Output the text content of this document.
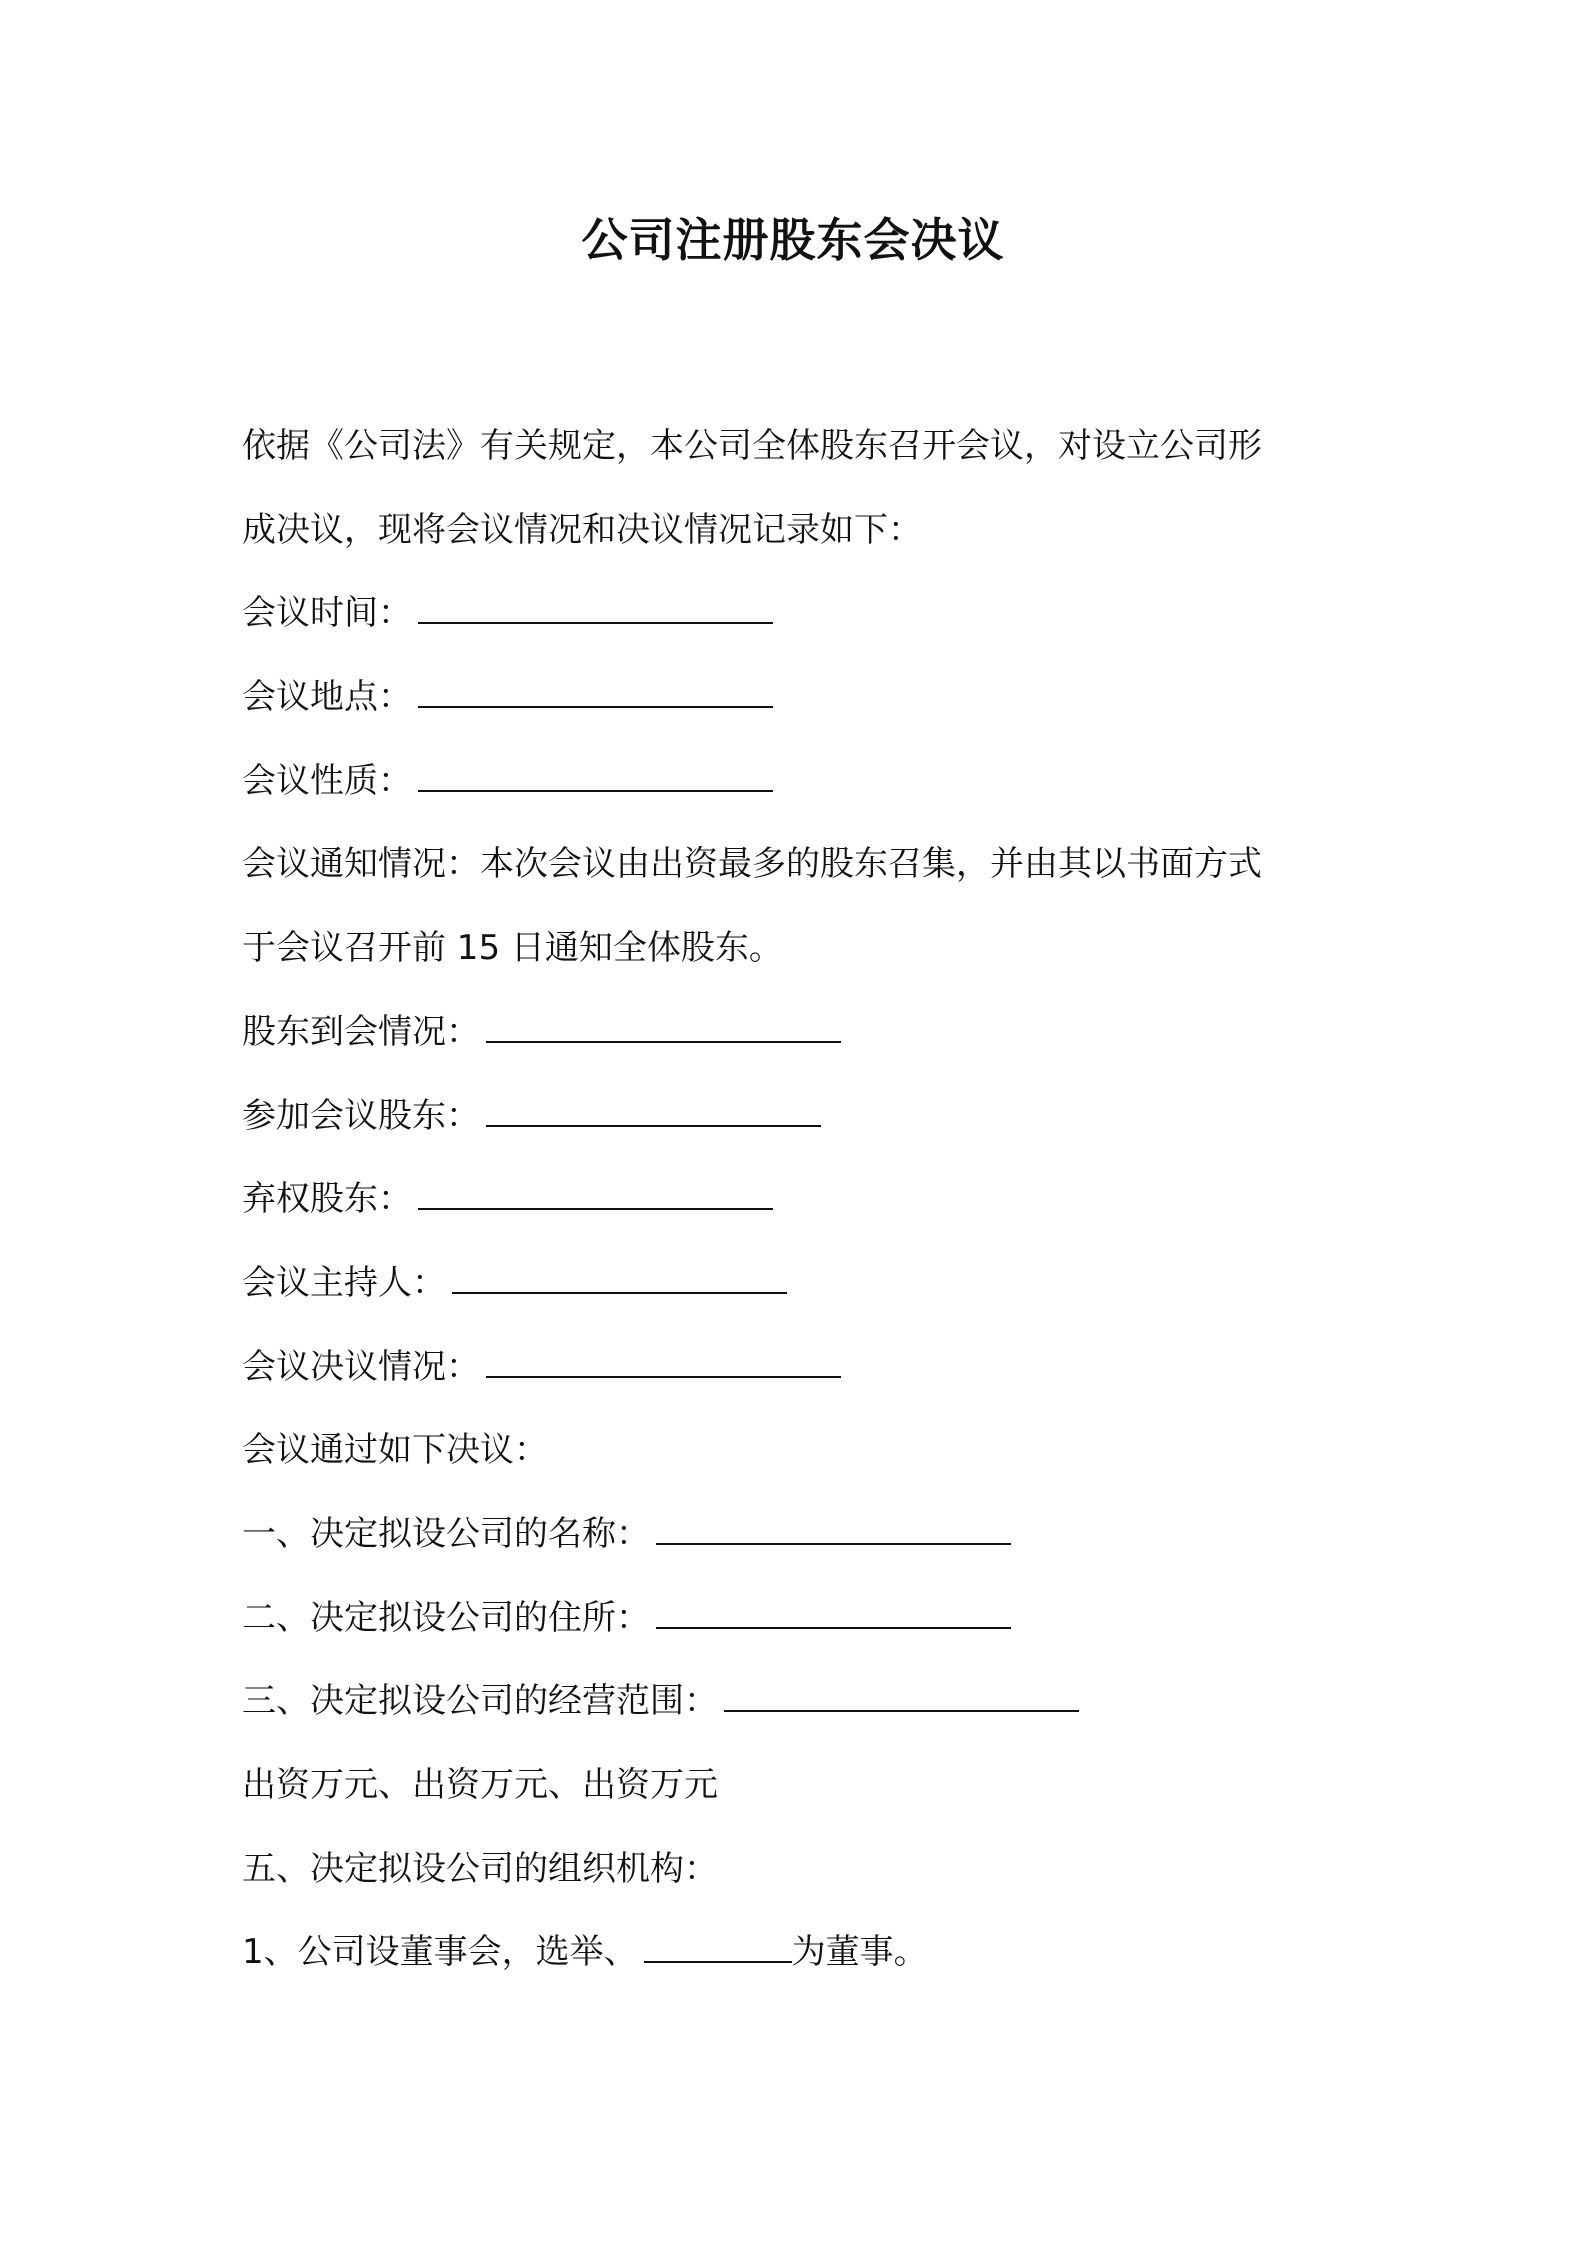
公司注册股东会决议
依据《公司法》有关规定，本公司全体股东召开会议，对设立公司形
成决议，现将会议情况和决议情况记录如下：
会议时间：
会议地点：
会议性质：
会议通知情况：本次会议由出资最多的股东召集，并由其以书面方式
于会议召开前 15 日通知全体股东。
股东到会情况：
参加会议股东：
弃权股东：
会议主持人：
会议决议情况：
会议通过如下决议：
一、决定拟设公司的名称：
二、决定拟设公司的住所：
三、决定拟设公司的经营范围：
出资万元、出资万元、出资万元
五、决定拟设公司的组织机构：
1、公司设董事会，选举、	为董事。
